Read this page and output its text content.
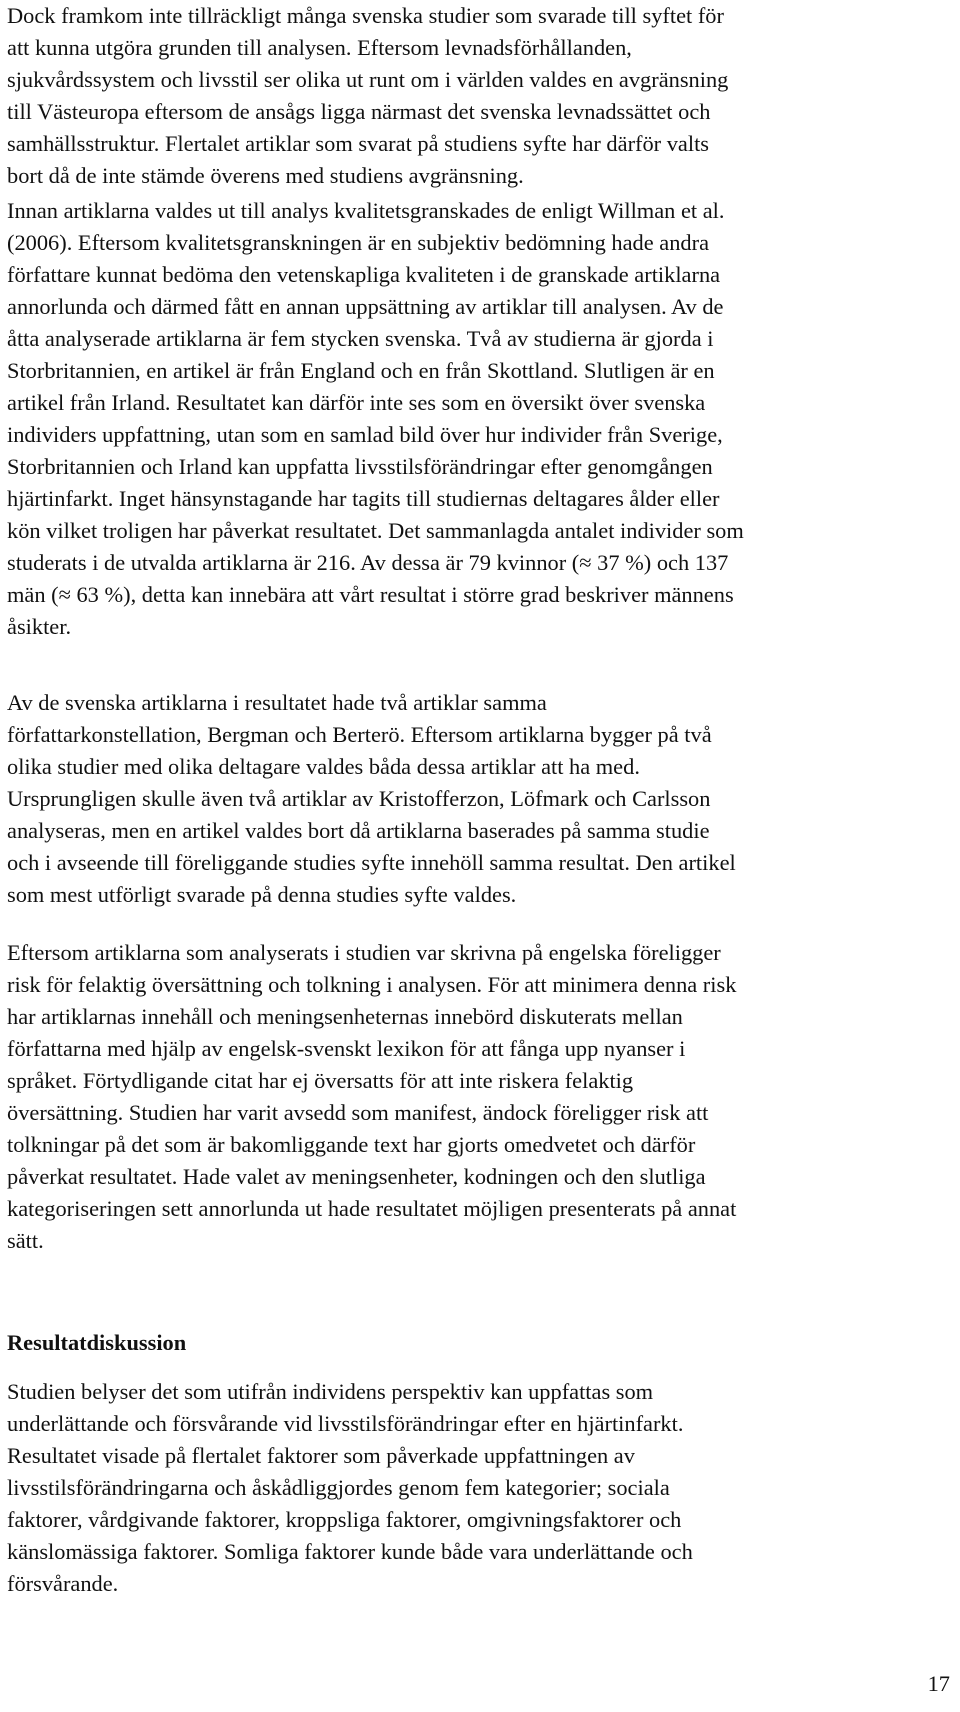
Dock framkom inte tillräckligt många svenska studier som svarade till syftet för
att kunna utgöra grunden till analysen. Eftersom levnadsförhållanden,
sjukvårdssystem och livsstil ser olika ut runt om i världen valdes en avgränsning
till Västeuropa eftersom de ansågs ligga närmast det svenska levnadssättet och
samhällsstruktur. Flertalet artiklar som svarat på studiens syfte har därför valts
bort då de inte stämde överens med studiens avgränsning.
Innan artiklarna valdes ut till analys kvalitetsgranskades de enligt Willman et al.
(2006). Eftersom kvalitetsgranskningen är en subjektiv bedömning hade andra
författare kunnat bedöma den vetenskapliga kvaliteten i de granskade artiklarna
annorlunda och därmed fått en annan uppsättning av artiklar till analysen. Av de
åtta analyserade artiklarna är fem stycken svenska. Två av studierna är gjorda i
Storbritannien, en artikel är från England och en från Skottland. Slutligen är en
artikel från Irland. Resultatet kan därför inte ses som en översikt över svenska
individers uppfattning, utan som en samlad bild över hur individer från Sverige,
Storbritannien och Irland kan uppfatta livsstilsförändringar efter genomgången
hjärtinfarkt. Inget hänsynstagande har tagits till studiernas deltagares ålder eller
kön vilket troligen har påverkat resultatet. Det sammanlagda antalet individer som
studerats i de utvalda artiklarna är 216. Av dessa är 79 kvinnor (≈ 37 %) och 137
män (≈ 63 %), detta kan innebära att vårt resultat i större grad beskriver männens
åsikter.
Av de svenska artiklarna i resultatet hade två artiklar samma
författarkonstellation, Bergman och Berterö. Eftersom artiklarna bygger på två
olika studier med olika deltagare valdes båda dessa artiklar att ha med.
Ursprungligen skulle även två artiklar av Kristofferzon, Löfmark och Carlsson
analyseras, men en artikel valdes bort då artiklarna baserades på samma studie
och i avseende till föreliggande studies syfte innehöll samma resultat. Den artikel
som mest utförligt svarade på denna studies syfte valdes.
Eftersom artiklarna som analyserats i studien var skrivna på engelska föreligger
risk för felaktig översättning och tolkning i analysen. För att minimera denna risk
har artiklarnas innehåll och meningsenheternas innebörd diskuterats mellan
författarna med hjälp av engelsk-svenskt lexikon för att fånga upp nyanser i
språket. Förtydligande citat har ej översatts för att inte riskera felaktig
översättning. Studien har varit avsedd som manifest, ändock föreligger risk att
tolkningar på det som är bakomliggande text har gjorts omedvetet och därför
påverkat resultatet. Hade valet av meningsenheter, kodningen och den slutliga
kategoriseringen sett annorlunda ut hade resultatet möjligen presenterats på annat
sätt.
Resultatdiskussion
Studien belyser det som utifrån individens perspektiv kan uppfattas som
underlättande och försvårande vid livsstilsförändringar efter en hjärtinfarkt.
Resultatet visade på flertalet faktorer som påverkade uppfattningen av
livsstilsförändringarna och åskådliggjordes genom fem kategorier; sociala
faktorer, vårdgivande faktorer, kroppsliga faktorer, omgivningsfaktorer och
känslomässiga faktorer. Somliga faktorer kunde både vara underlättande och
försvårande.
17
